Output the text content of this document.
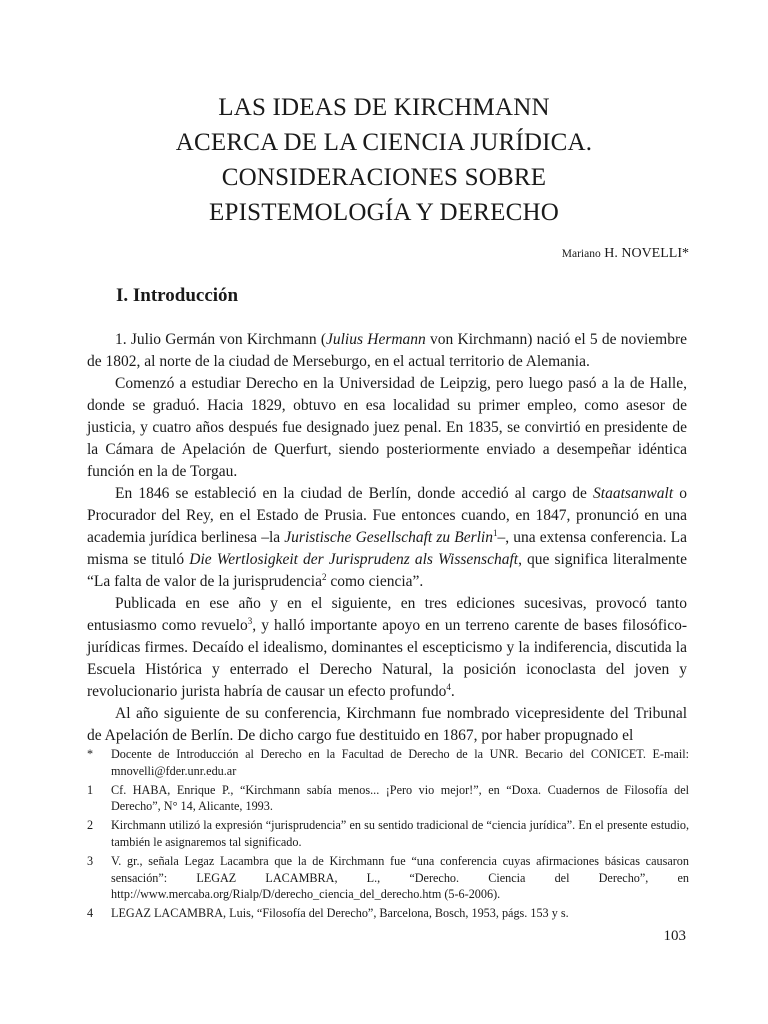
LAS IDEAS DE KIRCHMANN
ACERCA DE LA CIENCIA JURÍDICA.
CONSIDERACIONES SOBRE
EPISTEMOLOGÍA Y DERECHO
Mariano H. NOVELLI*
I. Introducción

1. Julio Germán von Kirchmann (Julius Hermann von Kirchmann) nació el 5 de noviembre de 1802, al norte de la ciudad de Merseburgo, en el actual territorio de Alemania.

Comenzó a estudiar Derecho en la Universidad de Leipzig, pero luego pasó a la de Halle, donde se graduó. Hacia 1829, obtuvo en esa localidad su primer empleo, como asesor de justicia, y cuatro años después fue designado juez penal. En 1835, se convirtió en presidente de la Cámara de Apelación de Querfurt, siendo posteriormente enviado a desempeñar idéntica función en la de Torgau.

En 1846 se estableció en la ciudad de Berlín, donde accedió al cargo de Staatsanwalt o Procurador del Rey, en el Estado de Prusia. Fue entonces cuando, en 1847, pronunció en una academia jurídica berlinesa –la Juristische Gesellschaft zu Berlin$^1$–, una extensa conferencia. La misma se tituló Die Wertlosigkeit der Jurisprudenz als Wissenschaft, que significa literalmente “La falta de valor de la jurisprudencia$^2$ como ciencia”.

Publicada en ese año y en el siguiente, en tres ediciones sucesivas, provocó tanto entusiasmo como revuelo$^3$, y halló importante apoyo en un terreno carente de bases filosófico-jurídicas firmes. Decaído el idealismo, dominantes el escepticismo y la indiferencia, discutida la Escuela Histórica y enterrado el Derecho Natural, la posición iconoclasta del joven y revolucionario jurista habría de causar un efecto profundo$^4$.

Al año siguiente de su conferencia, Kirchmann fue nombrado vicepresidente del Tribunal de Apelación de Berlín. De dicho cargo fue destituido en 1867, por haber propugnado el

*	Docente de Introducción al Derecho en la Facultad de Derecho de la UNR. Becario del CONICET. E-mail: mnovelli@fder.unr.edu.ar
1	Cf. HABA, Enrique P., “Kirchmann sabía menos... ¡Pero vio mejor!”, en “Doxa. Cuadernos de Filosofía del Derecho”, N° 14, Alicante, 1993.
2	Kirchmann utilizó la expresión “jurisprudencia” en su sentido tradicional de “ciencia jurídica”. En el presente estudio, también le asignaremos tal significado.
3	V. gr., señala Legaz Lacambra que la de Kirchmann fue “una conferencia cuyas afirmaciones básicas causaron sensación”: LEGAZ LACAMBRA, L., “Derecho. Ciencia del Derecho”, en http://www.mercaba.org/Rialp/D/derecho_ciencia_del_derecho.htm (5-6-2006).
4	LEGAZ LACAMBRA, Luis, “Filosofía del Derecho”, Barcelona, Bosch, 1953, págs. 153 y s.
103
